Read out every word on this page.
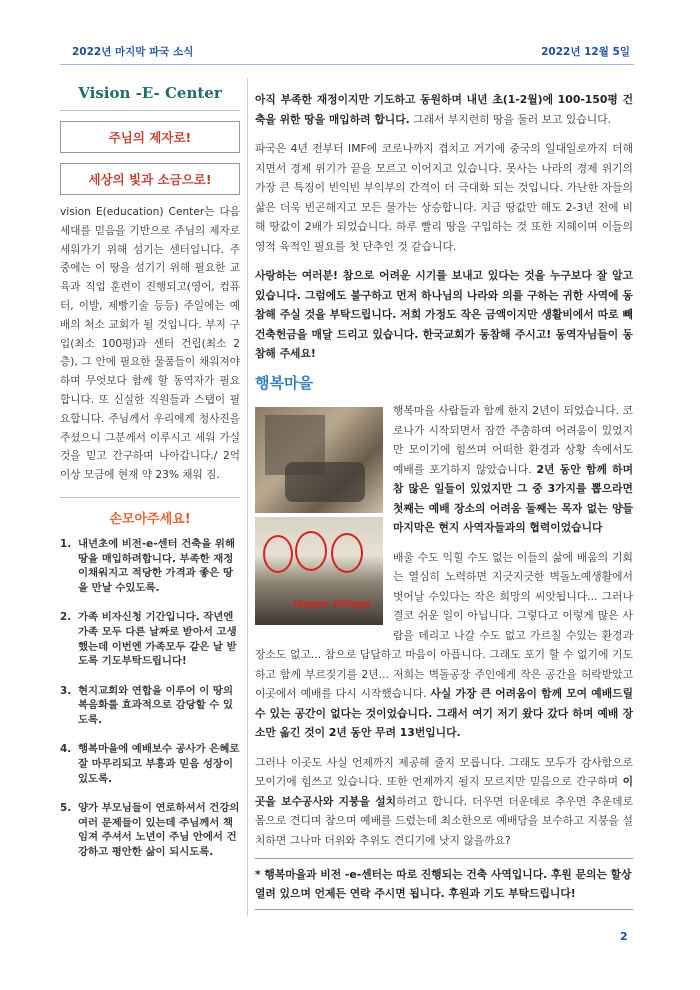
2022년 마지막 파국 소식	2022년 12월 5일
Vision -E- Center
주님의 제자로!
세상의 빛과 소금으로!
vision E(education) Center는 다음 세대를 믿음을 기반으로 주님의 제자로 세워가기 위해 섬기는 센터입니다. 주 중에는 이 땅을 섬기기 위해 필요한 교육과 직업 훈련이 진행되고(영어, 컴퓨터, 이발, 제빵기술 등등) 주일에는 예배의 처소 교회가 될 것입니다. 부지 구입(최소 100평)과 센터 건립(최소 2층), 그 안에 필요한 물품들이 채워져야 하며 무엇보다 함께 할 동역자가 필요합니다. 또 신실한 직원들과 스탭이 필요합니다. 주님께서 우리에게 청사진을 주셨으니 그분께서 이루시고 세워 가실 것을 믿고 간구하며 나아갑니다./ 2억 이상 모금에 현재 약 23% 채워 짐.
손모아주세요!
1. 내년초에 비전-e-센터 건축을 위해 땅을 매입하려합니다. 부족한 재정이채워지고 적당한 가격과 좋은 땅을 만날 수있도록.
2. 가족 비자신청 기간입니다. 작년엔 가족 모두 다른 날짜로 받아서 고생 했는데 이번엔 가족모두 같은 날 받도록 기도부탁드립니다!
3. 현지교회와 연합을 이루어 이 땅의 복음화를 효과적으로 감당할 수 있도록.
4. 행복마을에 예배보수 공사가 은혜로 잘 마무리되고 부흥과 믿음 성장이 있도록.
5. 양가 부모님들이 연로하셔서 건강의 여러 문제들이 있는데 주님께서 책임져 주셔서 노년이 주님 안에서 건강하고 평안한 삶이 되시도록.

아직 부족한 재정이지만 기도하고 동원하며 내년 초(1-2월)에 100-150평 건축을 위한 땅을 매입하려 합니다. 그래서 부지런히 땅을 둘러 보고 있습니다.

파국은 4년 전부터 IMF에 코로나까지 겹치고 거기에 중국의 일대일로까지 더해지면서 경제 위기가 끝을 모르고 이어지고 있습니다. 못사는 나라의 경제 위기의 가장 큰 특징이 빈익빈 부익부의 간격이 더 극대화 되는 것입니다. 가난한 자들의 삶은 더욱 빈곤해지고 모든 물가는 상승합니다. 지금 땅값만 해도 2-3년 전에 비해 땅값이 2배가 되었습니다. 하루 빨리 땅을 구입하는 것 또한 지혜이며 이들의 영적 육적인 필요를 첫 단추인 것 같습니다.

사랑하는 여러분! 참으로 어려운 시기를 보내고 있다는 것을 누구보다 잘 알고 있습니다. 그럼에도 불구하고 먼저 하나님의 나라와 의를 구하는 귀한 사역에 동참해 주실 것을 부탁드립니다. 저희 가정도 작은 금액이지만 생활비에서 따로 빼 건축헌금을 매달 드리고 있습니다. 한국교회가 동참해 주시고! 동역자님들이 동참해 주세요!

행복마을
Happy Village

행복마을 사람들과 함께 한지 2년이 되었습니다. 코로나가 시작되면서 잠깐 주춤하며 어려움이 있었지만 모이기에 힘쓰며 어떠한 환경과 상황 속에서도 예배를 포기하지 않았습니다. 2년 동안 함께 하며 참 많은 일들이 있었지만 그 중 3가지를 뽑으라면 첫째는 예배 장소의 어려움 둘째는 목자 없는 양들 마지막은 현지 사역자들과의 협력이었습니다

배울 수도 익힐 수도 없는 이들의 삶에 배움의 기회는 열심히 노력하면 지긋지긋한 벽돌노예생활에서 벗어날 수있다는 작은 희망의 씨앗됩니다... 그러나 결코 쉬운 일이 아닙니다. 그렇다고 이렇게 많은 사람을 데리고 나갈 수도 없고 가르칠 수있는 환경과 장소도 없고... 참으로 답답하고 마음이 아픕니다. 그래도 포기 할 수 없기에 기도하고 함께 부르짖기를 2년... 저희는 벽돌공장 주인에게 작은 공간을 허락받았고 이곳에서 예배를 다시 시작했습니다. 사실 가장 큰 어려움이 함께 모여 예배드릴 수 있는 공간이 없다는 것이었습니다. 그래서 여기 저기 왔다 갔다 하며 예배 장소만 옮긴 것이 2년 동안 무려 13번입니다.

그러나 이곳도 사실 언제까지 제공해 줄지 모릅니다. 그래도 모두가 감사함으로 모이기에 힘쓰고 있습니다. 또한 언제까지 될지 모르지만 믿음으로 간구하며 이곳을 보수공사와 지붕을 설치하려고 합니다. 더우면 더운데로 추우면 추운데로 몸으로 견디며 참으며 예배를 드렸는데 최소한으로 예배당을 보수하고 지붕을 설치하면 그나마 더위와 추위도 견디기에 낫지 않을까요?

* 행복마을과 비전 -e-센터는 따로 진행되는 건축 사역입니다. 후원 문의는 할상 열려 있으며 언제든 연락 주시면 됩니다. 후원과 기도 부탁드립니다!
2
